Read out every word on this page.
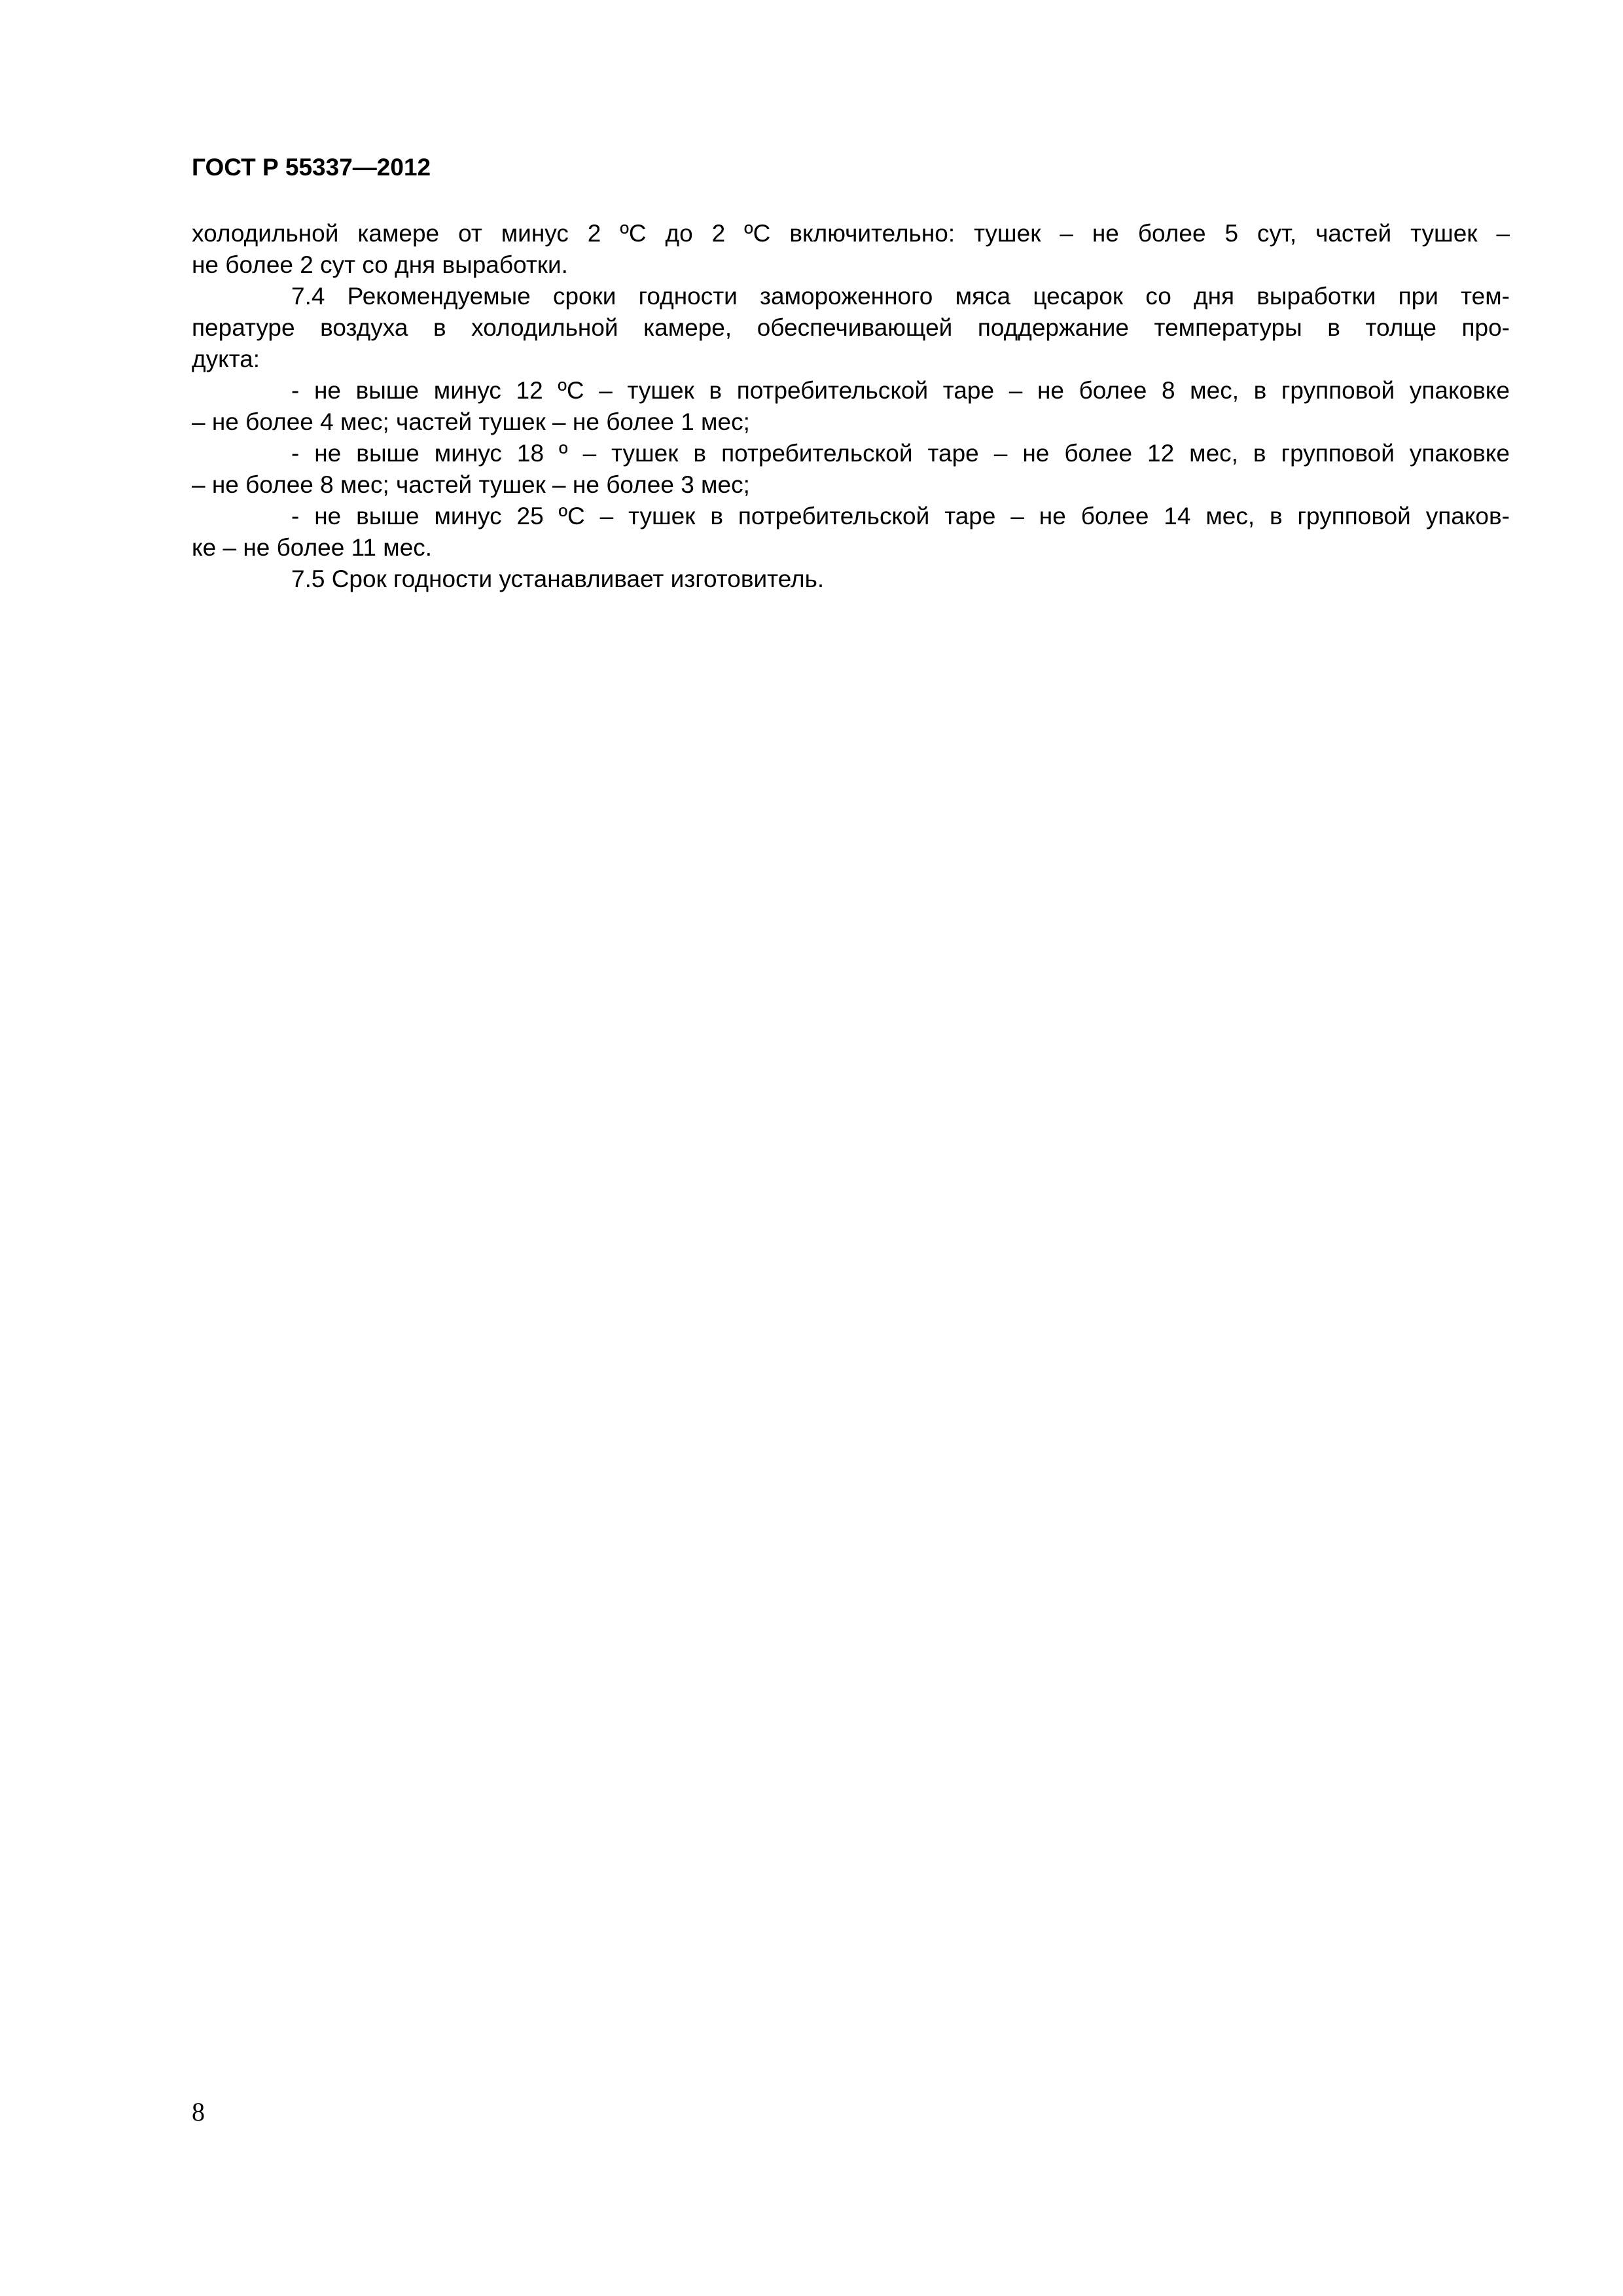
ГОСТ Р 55337—2012
холодильной камере от минус 2 ºС до 2 ºС включительно: тушек – не более 5 сут, частей тушек –
не более 2 сут со дня выработки.
7.4 Рекомендуемые сроки годности замороженного мяса цесарок со дня выработки при тем-
пературе воздуха в холодильной камере, обеспечивающей поддержание температуры в толще про-
дукта:
- не выше минус 12 ºС – тушек в потребительской таре – не более 8 мес, в групповой упаковке
– не более 4 мес; частей тушек – не более 1 мес;
- не выше минус 18 º – тушек в потребительской таре – не более 12 мес, в групповой упаковке
– не более 8 мес; частей тушек – не более 3 мес;
- не выше минус 25 ºС – тушек в потребительской таре – не более 14 мес, в групповой упаков-
ке – не более 11 мес.
7.5 Срок годности устанавливает изготовитель.
8
